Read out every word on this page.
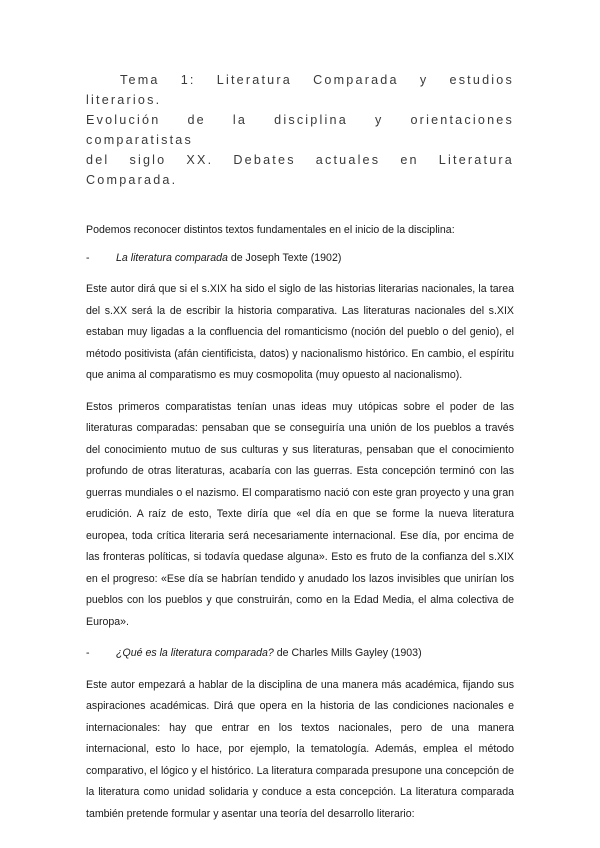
Tema 1: Literatura Comparada y estudios literarios.
Evolución de la disciplina y orientaciones comparatistas
del siglo XX. Debates actuales en Literatura Comparada.

Podemos reconocer distintos textos fundamentales en el inicio de la disciplina:

-	La literatura comparada de Joseph Texte (1902)

Este autor dirá que si el s.XIX ha sido el siglo de las historias literarias nacionales, la tarea del s.XX será la de escribir la historia comparativa. Las literaturas nacionales del s.XIX estaban muy ligadas a la confluencia del romanticismo (noción del pueblo o del genio), el método positivista (afán cientificista, datos) y nacionalismo histórico. En cambio, el espíritu que anima al comparatismo es muy cosmopolita (muy opuesto al nacionalismo).

Estos primeros comparatistas tenían unas ideas muy utópicas sobre el poder de las literaturas comparadas: pensaban que se conseguiría una unión de los pueblos a través del conocimiento mutuo de sus culturas y sus literaturas, pensaban que el conocimiento profundo de otras literaturas, acabaría con las guerras. Esta concepción terminó con las guerras mundiales o el nazismo. El comparatismo nació con este gran proyecto y una gran erudición. A raíz de esto, Texte diría que «el día en que se forme la nueva literatura europea, toda crítica literaria será necesariamente internacional. Ese día, por encima de las fronteras políticas, si todavía quedase alguna». Esto es fruto de la confianza del s.XIX en el progreso: «Ese día se habrían tendido y anudado los lazos invisibles que unirían los pueblos con los pueblos y que construirán, como en la Edad Media, el alma colectiva de Europa».

-	¿Qué es la literatura comparada? de Charles Mills Gayley (1903)

Este autor empezará a hablar de la disciplina de una manera más académica, fijando sus aspiraciones académicas. Dirá que opera en la historia de las condiciones nacionales e internacionales: hay que entrar en los textos nacionales, pero de una manera internacional, esto lo hace, por ejemplo, la tematología. Además, emplea el método comparativo, el lógico y el histórico. La literatura comparada presupone una concepción de la literatura como unidad solidaria y conduce a esta concepción. La literatura comparada también pretende formular y asentar una teoría del desarrollo literario:
